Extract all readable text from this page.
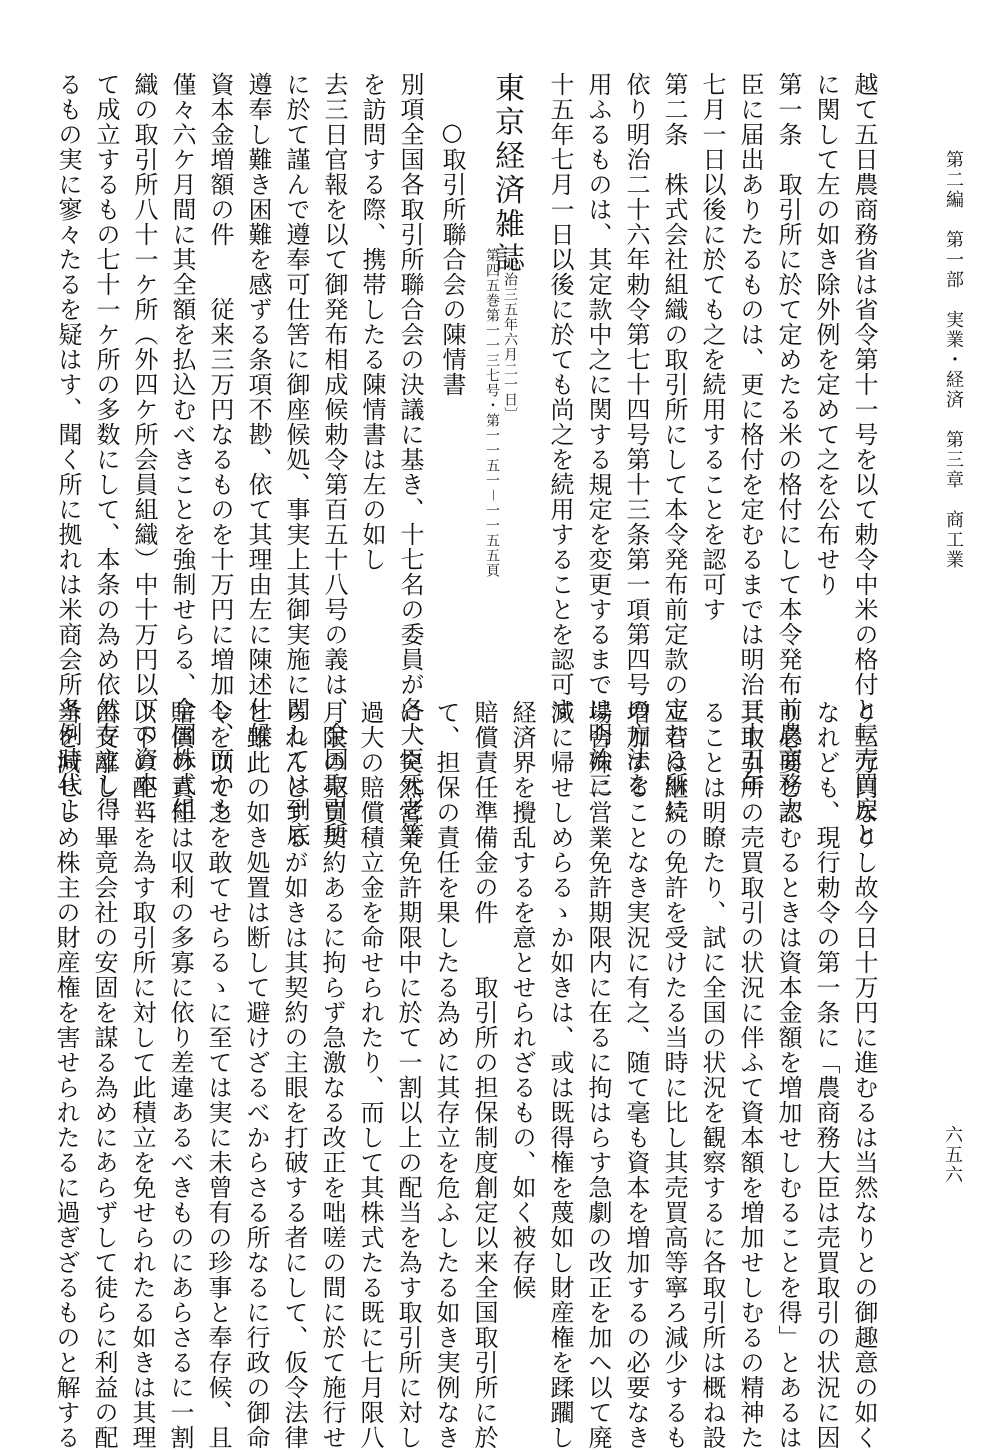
第二編　第一部　実業・経済　第三章　商工業
六五六
越て五日農商務省は省令第十一号を以て勅令中米の格付と転売買戻と
に関して左の如き除外例を定めて之を公布せり
第一条　取引所に於て定めたる米の格付にして本令発布前農商務大
臣に届出ありたるものは、更に格付を定むるまでは明治三十五年
七月一日以後に於ても之を続用することを認可す
第二条　株式会社組織の取引所にして本令発布前定款の定むる所に
依り明治二十六年勅令第七十四号第十三条第一項第四号の方法を
用ふるものは、其定款中之に関する規定を変更するまでは明治三
十五年七月一日以後に於ても尚之を続用することを認可す
東京経済雑誌
第四五巻第一一三七号・第一一五一－一一五五頁 〔明治三五年六月二一日〕
○取引所聯合会の陳情書
別項全国各取引所聯合会の決議に基き、十七名の委員が各大臣元老等
を訪問する際、携帯したる陳情書は左の如し
去三日官報を以て御発布相成候勅令第百五十八号の義は、全国取引所
に於て謹んで遵奉可仕筈に御座候処、事実上其御実施に関しては到底
遵奉し難き困難を感ずる条項不尠、依て其理由左に陳述仕候
資本金増額の件　　従来三万円なるものを十万円に増加し、而かも
僅々六ケ月間に其全額を払込むべきことを強制せらる、全国株式組
織の取引所八十一ケ所（外四ケ所会員組織）中十万円以下の資本に
て成立するもの七十一ケ所の多数にして、本条の為め依然存立し得
るもの実に寥々たるを疑はす、聞く所に拠れは米商会所条例時代よ
り三万円なりし故今日十万円に進むるは当然なりとの御趣意の如く
なれども、現行勅令の第一条に「農商務大臣は売買取引の状況に因
り必要と認むるときは資本金額を増加せしむることを得」とあるは
其取引所の売買取引の状況に伴ふて資本額を増加せしむるの精神た
ることは明瞭たり、試に全国の状況を観察するに各取引所は概ね設
立若は継続の免許を受けたる当時に比し其売買高等寧ろ減少するも
増加することなき実況に有之、随て毫も資本を増加するの必要なき
場合殊に営業免許期限内に在るに拘はらす急劇の改正を加へ以て廃
減に帰せしめらるゝか如きは、或は既得権を蔑如し財産権を蹂躙し
経済界を攪乱するを意とせられざるもの、如く被存候
賠償責任準備金の件　　取引所の担保制度創定以来全国取引所に於
て、担保の責任を果したる為めに其存立を危ふしたる如き実例なき
に、突然営業免許期限中に於て一割以上の配当を為す取引所に対し
過大の賠償積立金を命せられたり、而して其株式たる既に七月限八
月限の売買契約あるに拘らず急激なる改正を咄嗟の間に於て施行せ
られんとするが如きは其契約の主眼を打破する者にして、仮令法律
と雖此の如き処置は断して避けざるべからさる所なるに行政の御命
令を以て之を敢てせらるゝに至ては実に未曾有の珍事と奉存候、且
賠償の責任は収利の多寡に依り差違あるべきものにあらさるに一割
以下の配当を為す取引所に対して此積立を免せられたる如きは其理
由支離し、畢竟会社の安固を謀る為めにあらずして徒らに利益の配
当を減せしめ株主の財産権を害せられたるに過ぎざるものと解する
